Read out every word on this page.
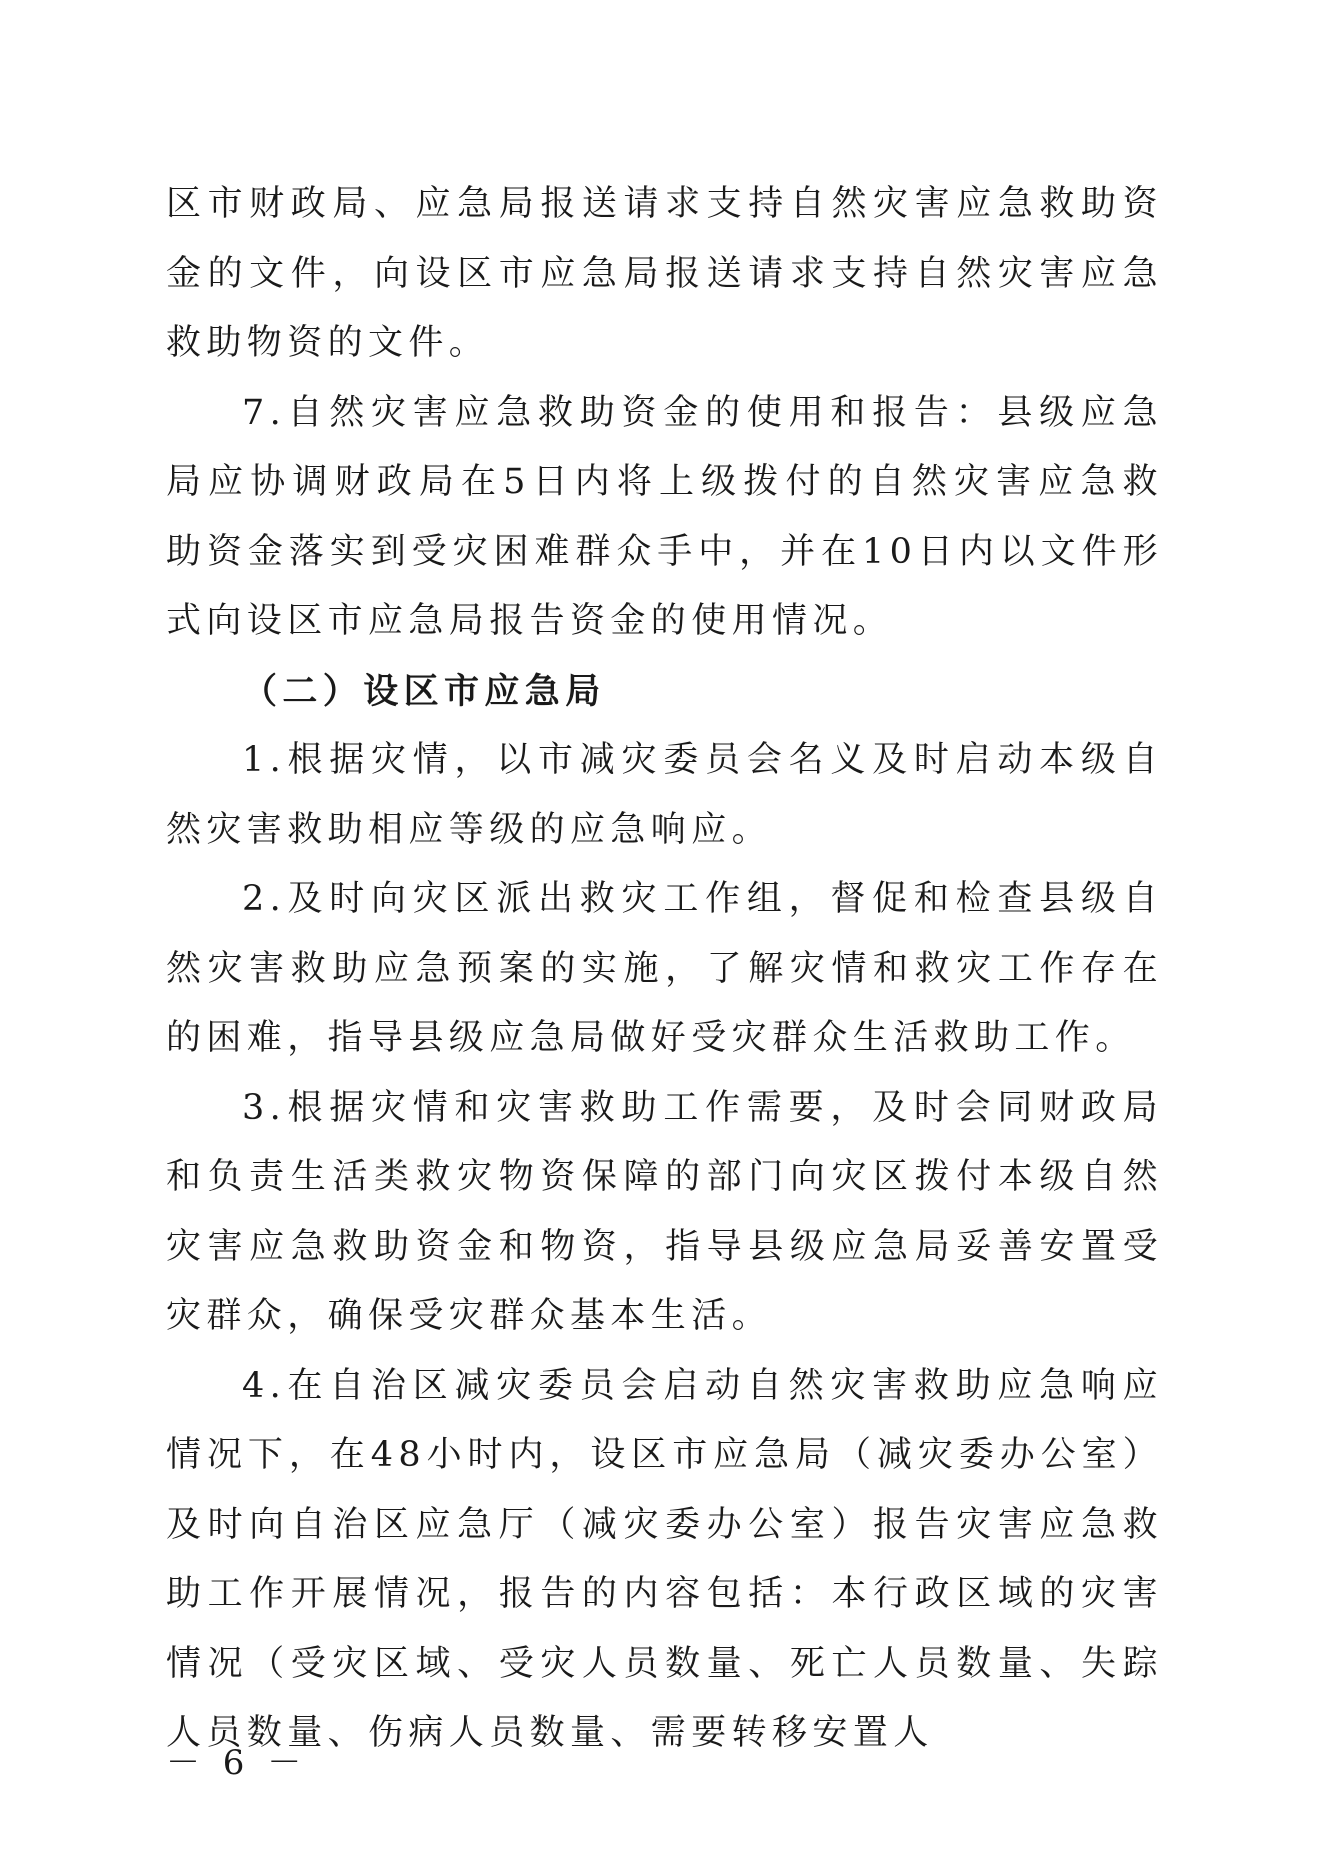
区市财政局、应急局报送请求支持自然灾害应急救助资金的文件，向设区市应急局报送请求支持自然灾害应急救助物资的文件。

7.自然灾害应急救助资金的使用和报告：县级应急局应协调财政局在5日内将上级拨付的自然灾害应急救助资金落实到受灾困难群众手中，并在10日内以文件形式向设区市应急局报告资金的使用情况。

（二）设区市应急局

1.根据灾情，以市减灾委员会名义及时启动本级自然灾害救助相应等级的应急响应。

2.及时向灾区派出救灾工作组，督促和检查县级自然灾害救助应急预案的实施，了解灾情和救灾工作存在的困难，指导县级应急局做好受灾群众生活救助工作。

3.根据灾情和灾害救助工作需要，及时会同财政局和负责生活类救灾物资保障的部门向灾区拨付本级自然灾害应急救助资金和物资，指导县级应急局妥善安置受灾群众，确保受灾群众基本生活。

4.在自治区减灾委员会启动自然灾害救助应急响应情况下，在48小时内，设区市应急局（减灾委办公室）及时向自治区应急厅（减灾委办公室）报告灾害应急救助工作开展情况，报告的内容包括：本行政区域的灾害情况（受灾区域、受灾人员数量、死亡人员数量、失踪人员数量、伤病人员数量、需要转移安置人

－ 6 －
